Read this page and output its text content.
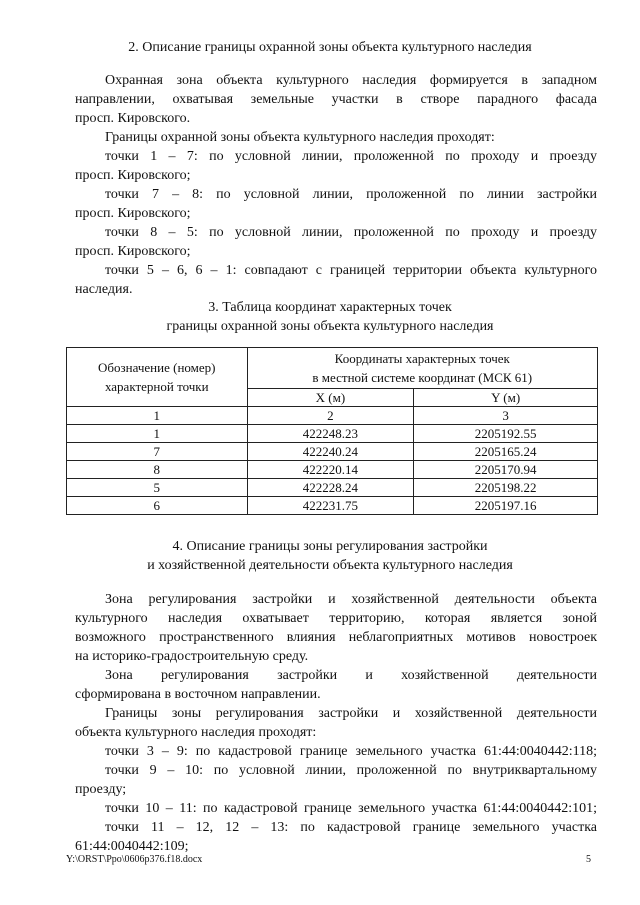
2. Описание границы охранной зоны объекта культурного наследия
Охранная зона объекта культурного наследия формируется в западном
направлении, охватывая земельные участки в створе парадного фасада
просп. Кировского.
Границы охранной зоны объекта культурного наследия проходят:
точки 1 – 7: по условной линии, проложенной по проходу и проезду
просп. Кировского;
точки 7 – 8: по условной линии, проложенной по линии застройки
просп. Кировского;
точки 8 – 5: по условной линии, проложенной по проходу и проезду
просп. Кировского;
точки 5 – 6, 6 – 1: совпадают с границей территории объекта культурного
наследия.
3. Таблица координат характерных точек
границы охранной зоны объекта культурного наследия
Обозначение (номер) характерной точки	Координаты характерных точек
в местной системе координат (МСК 61)	

	X (м)	Y (м)
1	2	3
1	422248.23	2205192.55
7	422240.24	2205165.24
8	422220.14	2205170.94
5	422228.24	2205198.22
6	422231.75	2205197.16
4. Описание границы зоны регулирования застройки
и хозяйственной деятельности объекта культурного наследия
Зона регулирования застройки и хозяйственной деятельности объекта
культурного наследия охватывает территорию, которая является зоной
возможного пространственного влияния неблагоприятных мотивов новостроек
на историко-градостроительную среду.
Зона регулирования застройки и хозяйственной деятельности
сформирована в восточном направлении.
Границы зоны регулирования застройки и хозяйственной деятельности
объекта культурного наследия проходят:
точки 3 – 9: по кадастровой границе земельного участка 61:44:0040442:118;
точки 9 – 10: по условной линии, проложенной по внутриквартальному
проезду;
точки 10 – 11: по кадастровой границе земельного участка 61:44:0040442:101;
точки 11 – 12, 12 – 13: по кадастровой границе земельного участка
61:44:0040442:109;
Y:\ORST\Ppo\0606p376.f18.docx	5
